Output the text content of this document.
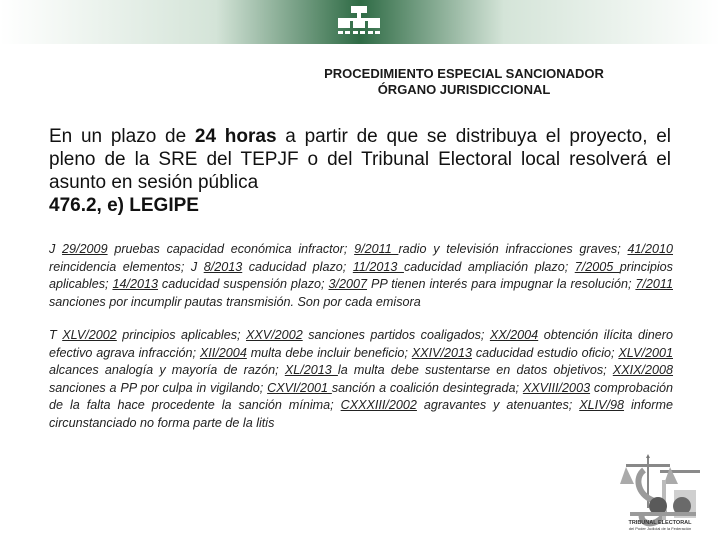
PROCEDIMIENTO ESPECIAL SANCIONADOR
ÓRGANO JURISDICCIONAL
En un plazo de 24 horas a partir de que se distribuya el proyecto, el pleno de la SRE del TEPJF o del Tribunal Electoral local resolverá el asunto en sesión pública
476.2, e) LEGIPE
J 29/2009 pruebas capacidad económica infractor; 9/2011 radio y televisión infracciones graves; 41/2010 reincidencia elementos; J 8/2013 caducidad plazo; 11/2013 caducidad ampliación plazo; 7/2005 principios aplicables; 14/2013 caducidad suspensión plazo; 3/2007 PP tienen interés para impugnar la resolución; 7/2011 sanciones por incumplir pautas transmisión. Son por cada emisora
T XLV/2002 principios aplicables; XXV/2002 sanciones partidos coaligados; XX/2004 obtención ilícita dinero efectivo agrava infracción; XII/2004 multa debe incluir beneficio; XXIV/2013 caducidad estudio oficio; XLV/2001 alcances analogía y mayoría de razón; XL/2013 la multa debe sustentarse en datos objetivos; XXIX/2008 sanciones a PP por culpa in vigilando; CXVI/2001 sanción a coalición desintegrada; XXVIII/2003 comprobación de la falta hace procedente la sanción mínima; CXXXIII/2002 agravantes y atenuantes; XLIV/98 informe circunstanciado no forma parte de la litis
TRIBUNAL ELECTORAL
del Poder Judicial de la Federación
